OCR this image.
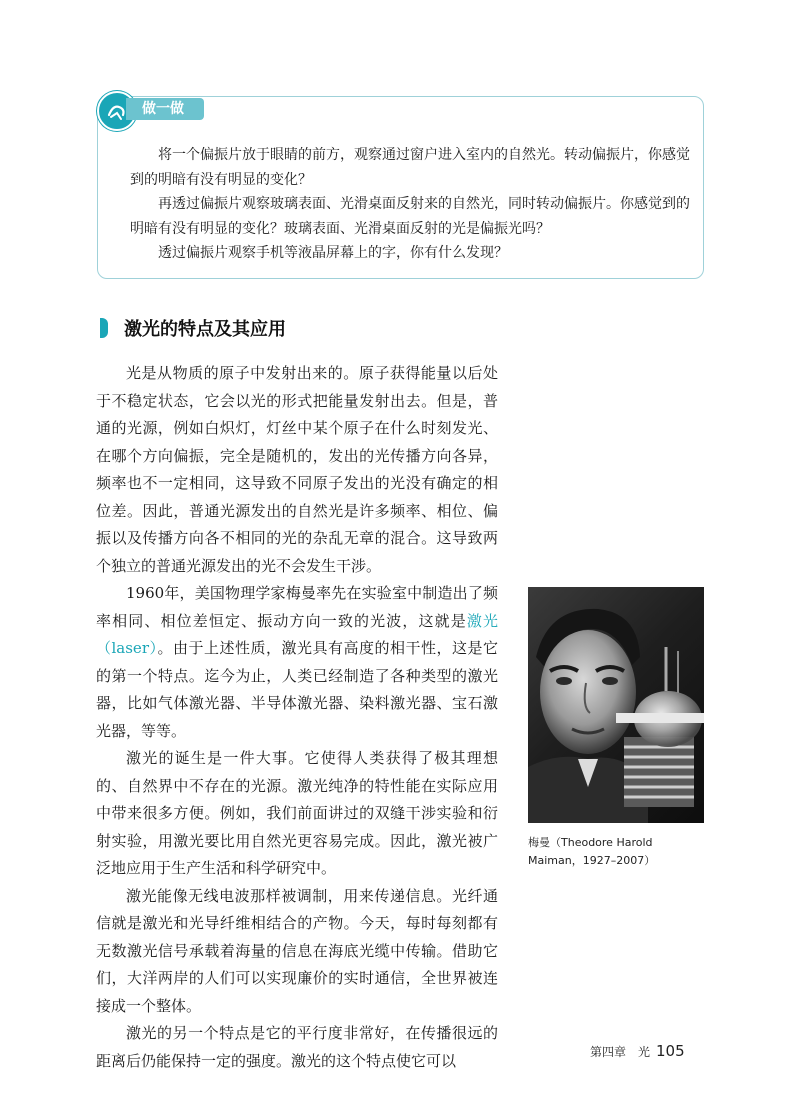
做一做

将一个偏振片放于眼睛的前方，观察通过窗户进入室内的自然光。转动偏振片，你感觉到的明暗有没有明显的变化？

再透过偏振片观察玻璃表面、光滑桌面反射来的自然光，同时转动偏振片。你感觉到的明暗有没有明显的变化？玻璃表面、光滑桌面反射的光是偏振光吗？

透过偏振片观察手机等液晶屏幕上的字，你有什么发现？

激光的特点及其应用

光是从物质的原子中发射出来的。原子获得能量以后处于不稳定状态，它会以光的形式把能量发射出去。但是，普通的光源，例如白炽灯，灯丝中某个原子在什么时刻发光、在哪个方向偏振，完全是随机的，发出的光传播方向各异，频率也不一定相同，这导致不同原子发出的光没有确定的相位差。因此，普通光源发出的自然光是许多频率、相位、偏振以及传播方向各不相同的光的杂乱无章的混合。这导致两个独立的普通光源发出的光不会发生干涉。

1960年，美国物理学家梅曼率先在实验室中制造出了频率相同、相位差恒定、振动方向一致的光波，这就是激光（laser）。由于上述性质，激光具有高度的相干性，这是它的第一个特点。迄今为止，人类已经制造了各种类型的激光器，比如气体激光器、半导体激光器、染料激光器、宝石激光器，等等。

激光的诞生是一件大事。它使得人类获得了极其理想的、自然界中不存在的光源。激光纯净的特性能在实际应用中带来很多方便。例如，我们前面讲过的双缝干涉实验和衍射实验，用激光要比用自然光更容易完成。因此，激光被广泛地应用于生产生活和科学研究中。

激光能像无线电波那样被调制，用来传递信息。光纤通信就是激光和光导纤维相结合的产物。今天，每时每刻都有无数激光信号承载着海量的信息在海底光缆中传输。借助它们，大洋两岸的人们可以实现廉价的实时通信，全世界被连接成一个整体。

激光的另一个特点是它的平行度非常好，在传播很远的距离后仍能保持一定的强度。激光的这个特点使它可以

梅曼（Theodore Harold Maiman，1927–2007）
第四章　光 105
